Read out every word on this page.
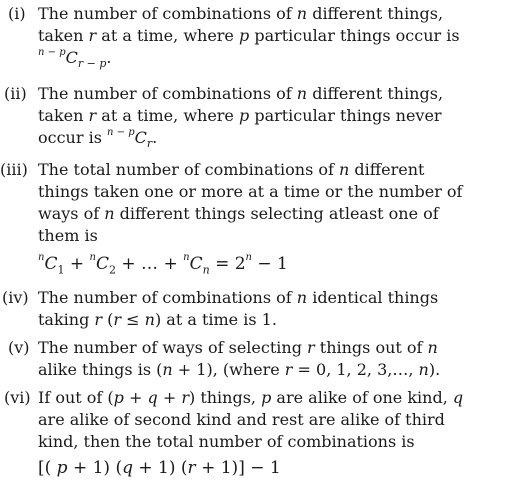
(i) The number of combinations of n different things,
taken r at a time, where p particular things occur is
$^{n - p}C_{r - p}$.
(ii) The number of combinations of n different things,
taken r at a time, where p particular things never
occur is $^{n - p}C_r$.
(iii) The total number of combinations of n different
things taken one or more at a time or the number of
ways of n different things selecting atleast one of
them is
$^nC_1 + ^nC_2$ + … + $^nC_n = 2^n - 1$
(iv) The number of combinations of n identical things
taking r (r ≤ n) at a time is 1.
(v) The number of ways of selecting r things out of n
alike things is (n + 1), (where r = 0, 1, 2, 3,…, n).
(vi) If out of (p + q + r) things, p are alike of one kind, q
are alike of second kind and rest are alike of third
kind, then the total number of combinations is
[( p + 1) (q + 1) (r + 1)] − 1
